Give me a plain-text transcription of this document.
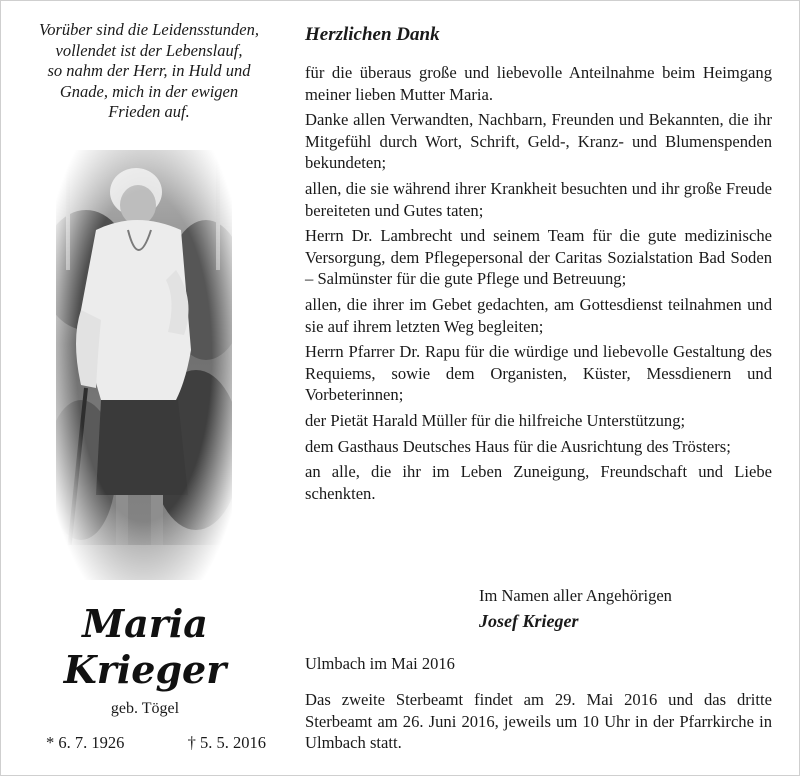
Vorüber sind die Leidensstunden,
vollendet ist der Lebenslauf,
so nahm der Herr, in Huld und
Gnade, mich in der ewigen
Frieden auf.
Maria
Krieger
geb. Tögel
* 6. 7. 1926	† 5. 5. 2016
Herzlichen Dank

für die überaus große und liebevolle Anteilnahme beim Heimgang meiner lieben Mutter Maria.

Danke allen Verwandten, Nachbarn, Freunden und Bekannten, die ihr Mitgefühl durch Wort, Schrift, Geld-, Kranz- und Blumenspenden bekundeten;

allen, die sie während ihrer Krankheit besuchten und ihr große Freude bereiteten und Gutes taten;

Herrn Dr. Lambrecht und seinem Team für die gute medizinische Versorgung, dem Pflegepersonal der Caritas Sozialstation Bad Soden – Salmünster für die gute Pflege und Betreuung;

allen, die ihrer im Gebet gedachten, am Gottesdienst teilnahmen und sie auf ihrem letzten Weg begleiten;

Herrn Pfarrer Dr. Rapu für die würdige und liebevolle Gestaltung des Requiems, sowie dem Organisten, Küster, Messdienern und Vorbeterinnen;

der Pietät Harald Müller für die hilfreiche Unterstützung;

dem Gasthaus Deutsches Haus für die Ausrichtung des Trösters;

an alle, die ihr im Leben Zuneigung, Freundschaft und Liebe schenkten.

Im Namen aller Angehörigen
Josef Krieger
Ulmbach im Mai 2016
Das zweite Sterbeamt findet am 29. Mai 2016 und das dritte Sterbeamt am 26. Juni 2016, jeweils um 10 Uhr in der Pfarrkirche in Ulmbach statt.
